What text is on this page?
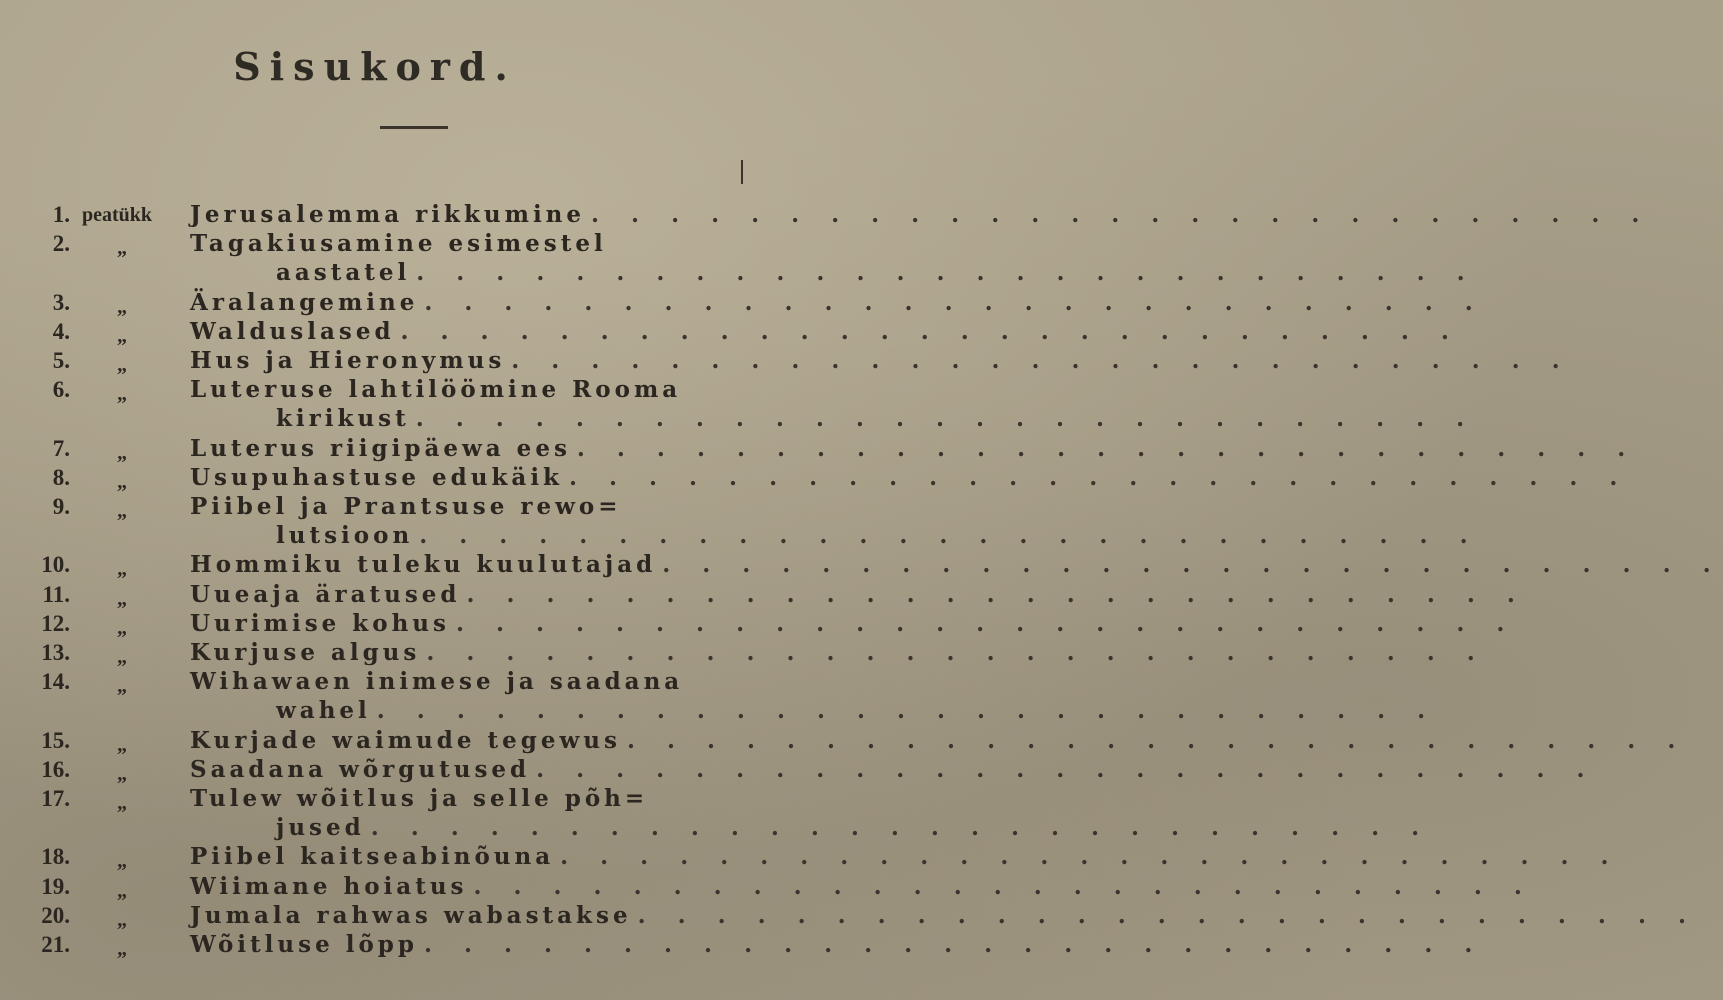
Sisukord.
1. peatükk	Jerusalemma rikkumine . . . . . . . . . . . . . . . . . . . . . . . . . . .
2. „	Tagakiusamine esimestel
aastatel . . . . . . . . . . . . . . . . . . . . . . . . . . .
3. „	Äralangemine . . . . . . . . . . . . . . . . . . . . . . . . . . .
4. „	Walduslased . . . . . . . . . . . . . . . . . . . . . . . . . . .
5. „	Hus ja Hieronymus . . . . . . . . . . . . . . . . . . . . . . . . . . .
6. „	Luteruse lahtilöömine Rooma
kirikust . . . . . . . . . . . . . . . . . . . . . . . . . . .
7. „	Luterus riigipäewa ees . . . . . . . . . . . . . . . . . . . . . . . . . . .
8. „	Usupuhastuse edukäik . . . . . . . . . . . . . . . . . . . . . . . . . . .
9. „	Piibel ja Prantsuse rewo=
lutsioon . . . . . . . . . . . . . . . . . . . . . . . . . . .
10. „	Hommiku tuleku kuulutajad . . . . . . . . . . . . . . . . . . . . . . . . . . .
11. „	Uueaja äratused . . . . . . . . . . . . . . . . . . . . . . . . . . .
12. „	Uurimise kohus . . . . . . . . . . . . . . . . . . . . . . . . . . .
13. „	Kurjuse algus . . . . . . . . . . . . . . . . . . . . . . . . . . .
14. „	Wihawaen inimese ja saadana
wahel . . . . . . . . . . . . . . . . . . . . . . . . . . .
15. „	Kurjade waimude tegewus . . . . . . . . . . . . . . . . . . . . . . . . . . .
16. „	Saadana wõrgutused . . . . . . . . . . . . . . . . . . . . . . . . . . .
17. „	Tulew wõitlus ja selle põh=
jused . . . . . . . . . . . . . . . . . . . . . . . . . . .
18. „	Piibel kaitseabinõuna . . . . . . . . . . . . . . . . . . . . . . . . . . .
19. „	Wiimane hoiatus . . . . . . . . . . . . . . . . . . . . . . . . . . .
20. „	Jumala rahwas wabastakse . . . . . . . . . . . . . . . . . . . . . . . . . . .
21. „	Wõitluse lõpp . . . . . . . . . . . . . . . . . . . . . . . . . . .
